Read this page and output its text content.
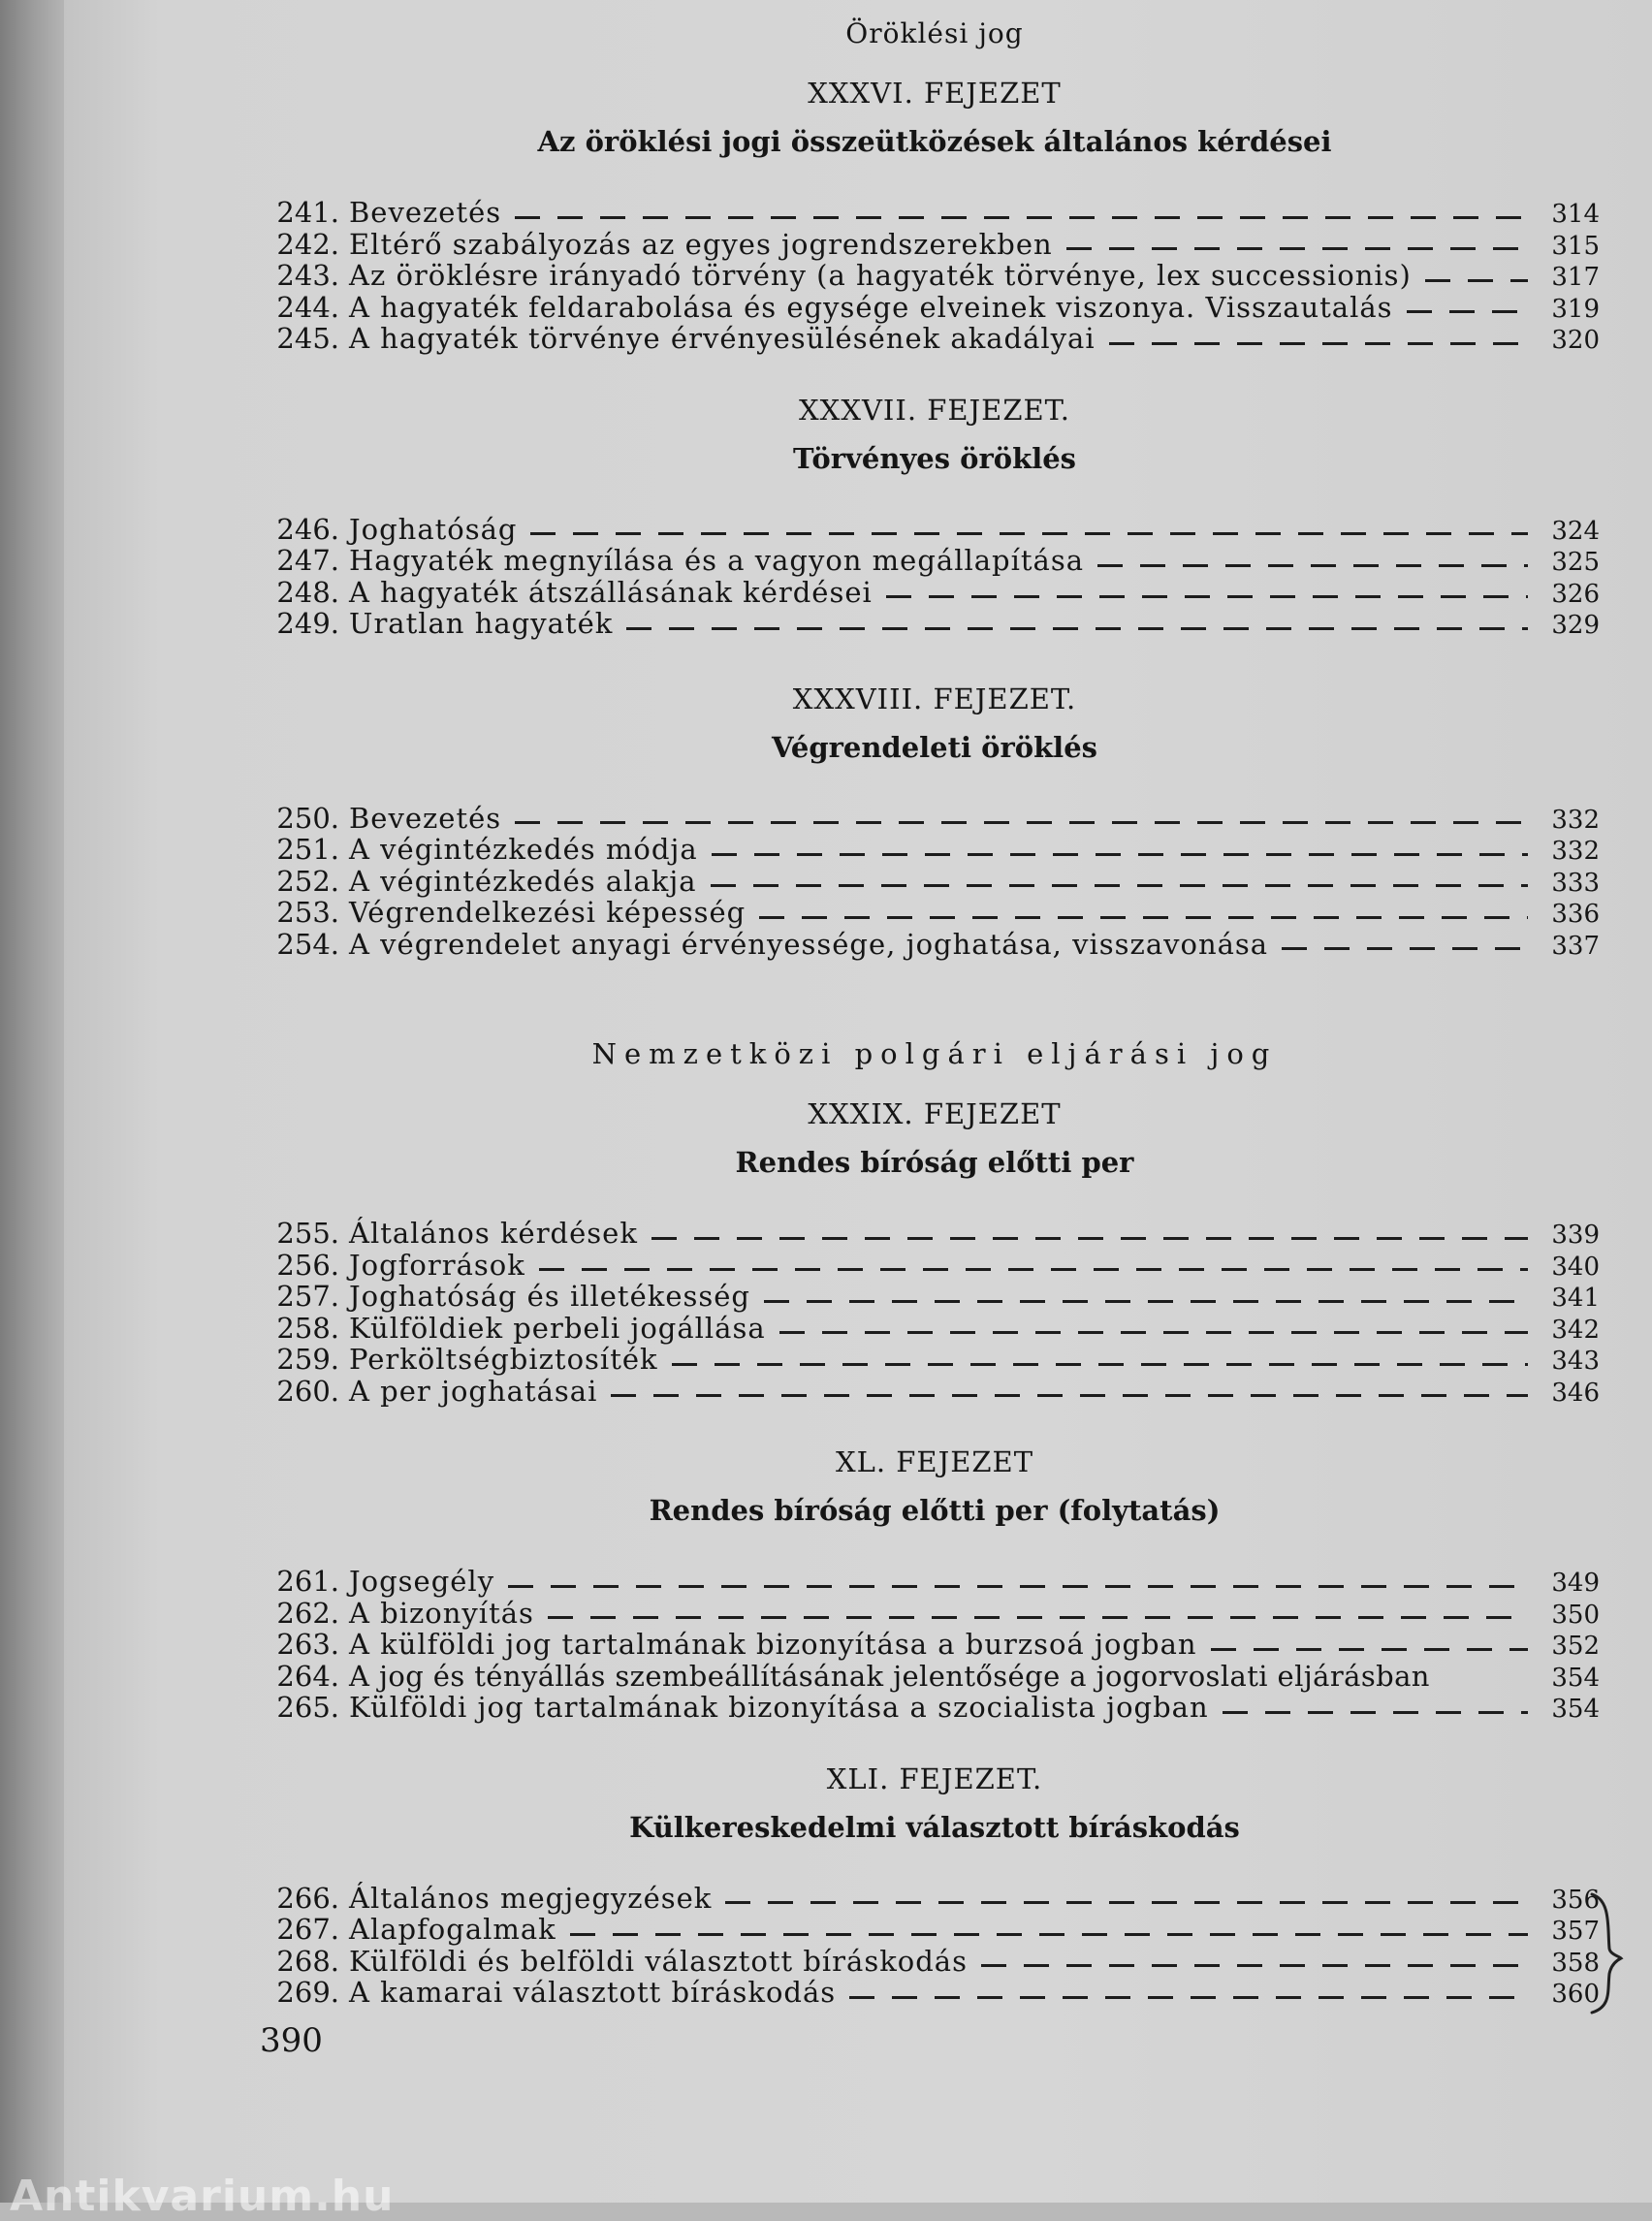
Öröklési jog
XXXVI. FEJEZET
Az öröklési jogi összeütközések általános kérdései
241. Bevezetés	314
242. Eltérő szabályozás az egyes jogrendszerekben	315
243. Az öröklésre irányadó törvény (a hagyaték törvénye, lex successionis)	317
244. A hagyaték feldarabolása és egysége elveinek viszonya. Visszautalás	319
245. A hagyaték törvénye érvényesülésének akadályai	320
XXXVII. FEJEZET.
Törvényes öröklés
246. Joghatóság	324
247. Hagyaték megnyílása és a vagyon megállapítása	325
248. A hagyaték átszállásának kérdései	326
249. Uratlan hagyaték	329
XXXVIII. FEJEZET.
Végrendeleti öröklés
250. Bevezetés	332
251. A végintézkedés módja	332
252. A végintézkedés alakja	333
253. Végrendelkezési képesség	336
254. A végrendelet anyagi érvényessége, joghatása, visszavonása	337
Nemzetközi polgári eljárási jog
XXXIX. FEJEZET
Rendes bíróság előtti per
255. Általános kérdések	339
256. Jogforrások	340
257. Joghatóság és illetékesség	341
258. Külföldiek perbeli jogállása	342
259. Perköltségbiztosíték	343
260. A per joghatásai	346
XL. FEJEZET
Rendes bíróság előtti per (folytatás)
261. Jogsegély	349
262. A bizonyítás	350
263. A külföldi jog tartalmának bizonyítása a burzsoá jogban	352
264. A jog és tényállás szembeállításának jelentősége a jogorvoslati eljárásban	354
265. Külföldi jog tartalmának bizonyítása a szocialista jogban	354
XLI. FEJEZET.
Külkereskedelmi választott bíráskodás
266. Általános megjegyzések	356
267. Alapfogalmak	357
268. Külföldi és belföldi választott bíráskodás	358
269. A kamarai választott bíráskodás	360
390
Antikvarium.hu
